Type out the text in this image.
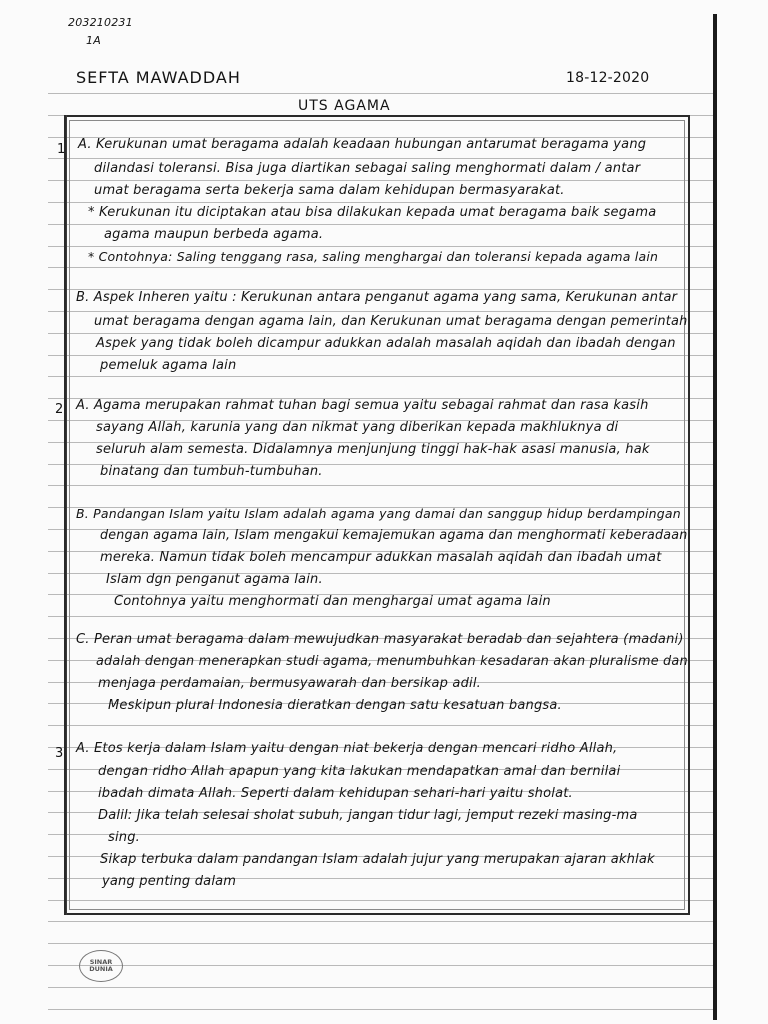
203210231
1A
SEFTA MAWADDAH	18-12-2020
UTS AGAMA
1
2
3
A. Kerukunan umat beragama adalah keadaan hubungan antarumat beragama yang
dilandasi toleransi. Bisa juga diartikan sebagai saling menghormati dalam / antar
umat beragama serta bekerja sama dalam kehidupan bermasyarakat.
* Kerukunan itu diciptakan atau bisa dilakukan kepada umat beragama baik segama
agama maupun berbeda agama.
* Contohnya: Saling tenggang rasa, saling menghargai dan toleransi kepada agama lain
B. Aspek Inheren yaitu : Kerukunan antara penganut agama yang sama, Kerukunan antar
umat beragama dengan agama lain, dan Kerukunan umat beragama dengan pemerintah
Aspek yang tidak boleh dicampur adukkan adalah masalah aqidah dan ibadah dengan
pemeluk agama lain
A. Agama merupakan rahmat tuhan bagi semua yaitu sebagai rahmat dan rasa kasih
sayang Allah, karunia yang dan nikmat yang diberikan kepada makhluknya di
seluruh alam semesta. Didalamnya menjunjung tinggi hak-hak asasi manusia, hak
binatang dan tumbuh-tumbuhan.
B. Pandangan Islam yaitu Islam adalah agama yang damai dan sanggup hidup berdampingan
dengan agama lain, Islam mengakui kemajemukan agama dan menghormati keberadaan
mereka. Namun tidak boleh mencampur adukkan masalah aqidah dan ibadah umat
Islam dgn penganut agama lain.
Contohnya yaitu menghormati dan menghargai umat agama lain
C. Peran umat beragama dalam mewujudkan masyarakat beradab dan sejahtera (madani)
adalah dengan menerapkan studi agama, menumbuhkan kesadaran akan pluralisme dan
menjaga perdamaian, bermusyawarah dan bersikap adil.
Meskipun plural Indonesia dieratkan dengan satu kesatuan bangsa.
A. Etos kerja dalam Islam yaitu dengan niat bekerja dengan mencari ridho Allah,
dengan ridho Allah apapun yang kita lakukan mendapatkan amal dan bernilai
ibadah dimata Allah. Seperti dalam kehidupan sehari-hari yaitu sholat.
Dalil: Jika telah selesai sholat subuh, jangan tidur lagi, jemput rezeki masing-ma
sing.
Sikap terbuka dalam pandangan Islam adalah jujur yang merupakan ajaran akhlak
yang penting dalam
SINAR
DUNIA
